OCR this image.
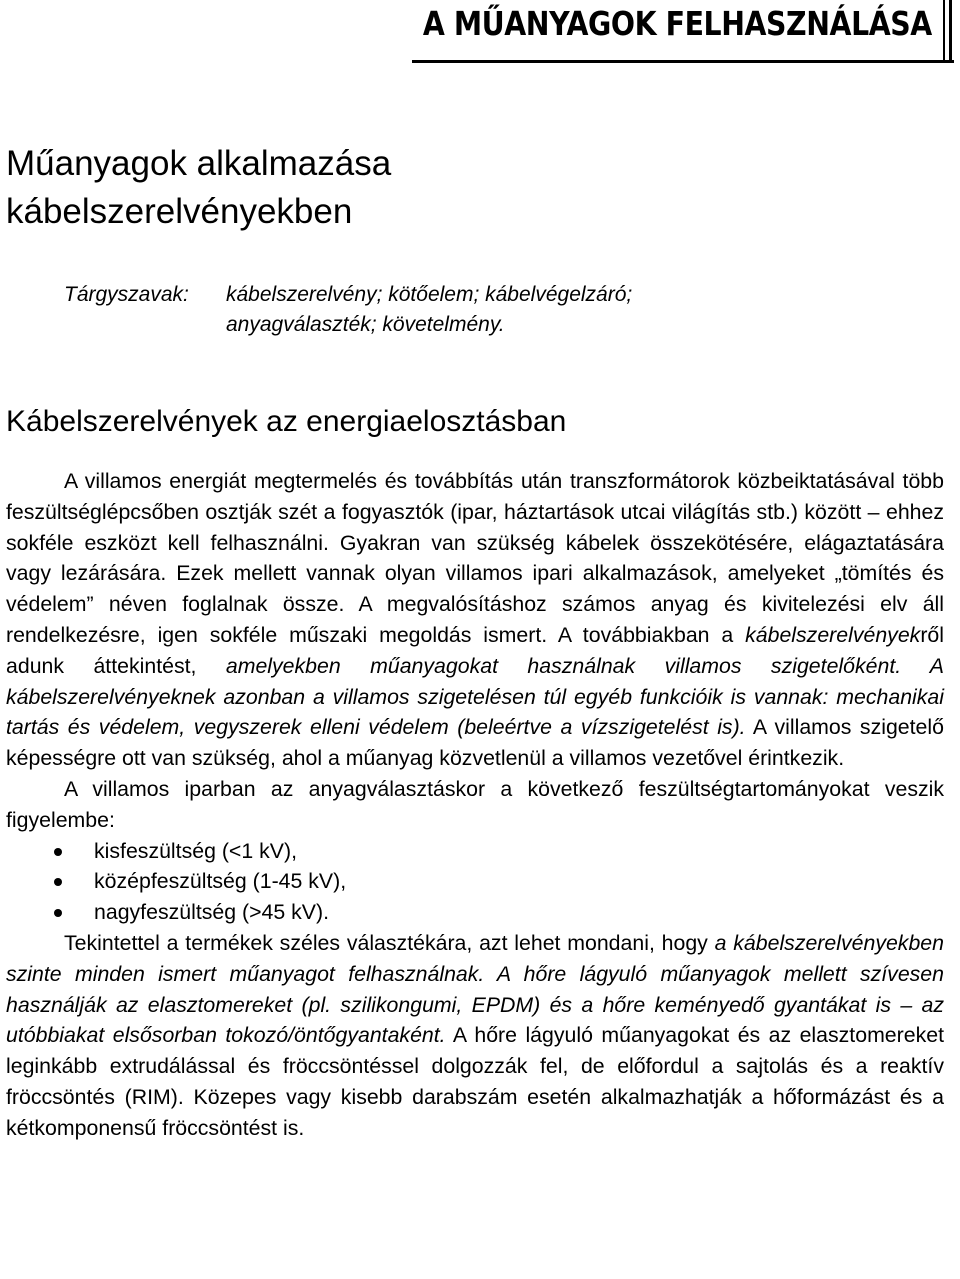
A MŰANYAGOK FELHASZNÁLÁSA
Műanyagok alkalmazása
kábelszerelvényekben
Tárgyszavak:	kábelszerelvény; kötőelem; kábelvégelzáró;
anyagválaszték; követelmény.
Kábelszerelvények az energiaelosztásban

A villamos energiát megtermelés és továbbítás után transzformátorok közbeiktatásával több feszültséglépcsőben osztják szét a fogyasztók (ipar, háztartások utcai világítás stb.) között – ehhez sokféle eszközt kell felhasználni. Gyakran van szükség kábelek összekötésére, elágaztatására vagy lezárására. Ezek mellett vannak olyan villamos ipari alkalmazások, amelyeket „tömítés és védelem” néven foglalnak össze. A megvalósításhoz számos anyag és kivitelezési elv áll rendelkezésre, igen sokféle műszaki megoldás ismert. A továbbiakban a kábelszerelvényekről adunk áttekintést, amelyekben műanyagokat használnak villamos szigetelőként. A kábelszerelvényeknek azonban a villamos szigetelésen túl egyéb funkcióik is vannak: mechanikai tartás és védelem, vegyszerek elleni védelem (beleértve a vízszigetelést is). A villamos szigetelő képességre ott van szükség, ahol a műanyag közvetlenül a villamos vezetővel érintkezik.

A villamos iparban az anyagválasztáskor a következő feszültségtartományokat veszik figyelembe:

kisfeszültség (<1 kV),
középfeszültség (1-45 kV),
nagyfeszültség (>45 kV).

Tekintettel a termékek széles választékára, azt lehet mondani, hogy a kábelszerelvényekben szinte minden ismert műanyagot felhasználnak. A hőre lágyuló műanyagok mellett szívesen használják az elasztomereket (pl. szilikongumi, EPDM) és a hőre keményedő gyantákat is – az utóbbiakat elsősorban tokozó/öntőgyantaként. A hőre lágyuló műanyagokat és az elasztomereket leginkább extrudálással és fröccsöntéssel dolgozzák fel, de előfordul a sajtolás és a reaktív fröccsöntés (RIM). Közepes vagy kisebb darabszám esetén alkalmazhatják a hőformázást és a kétkomponensű fröccsöntést is.
